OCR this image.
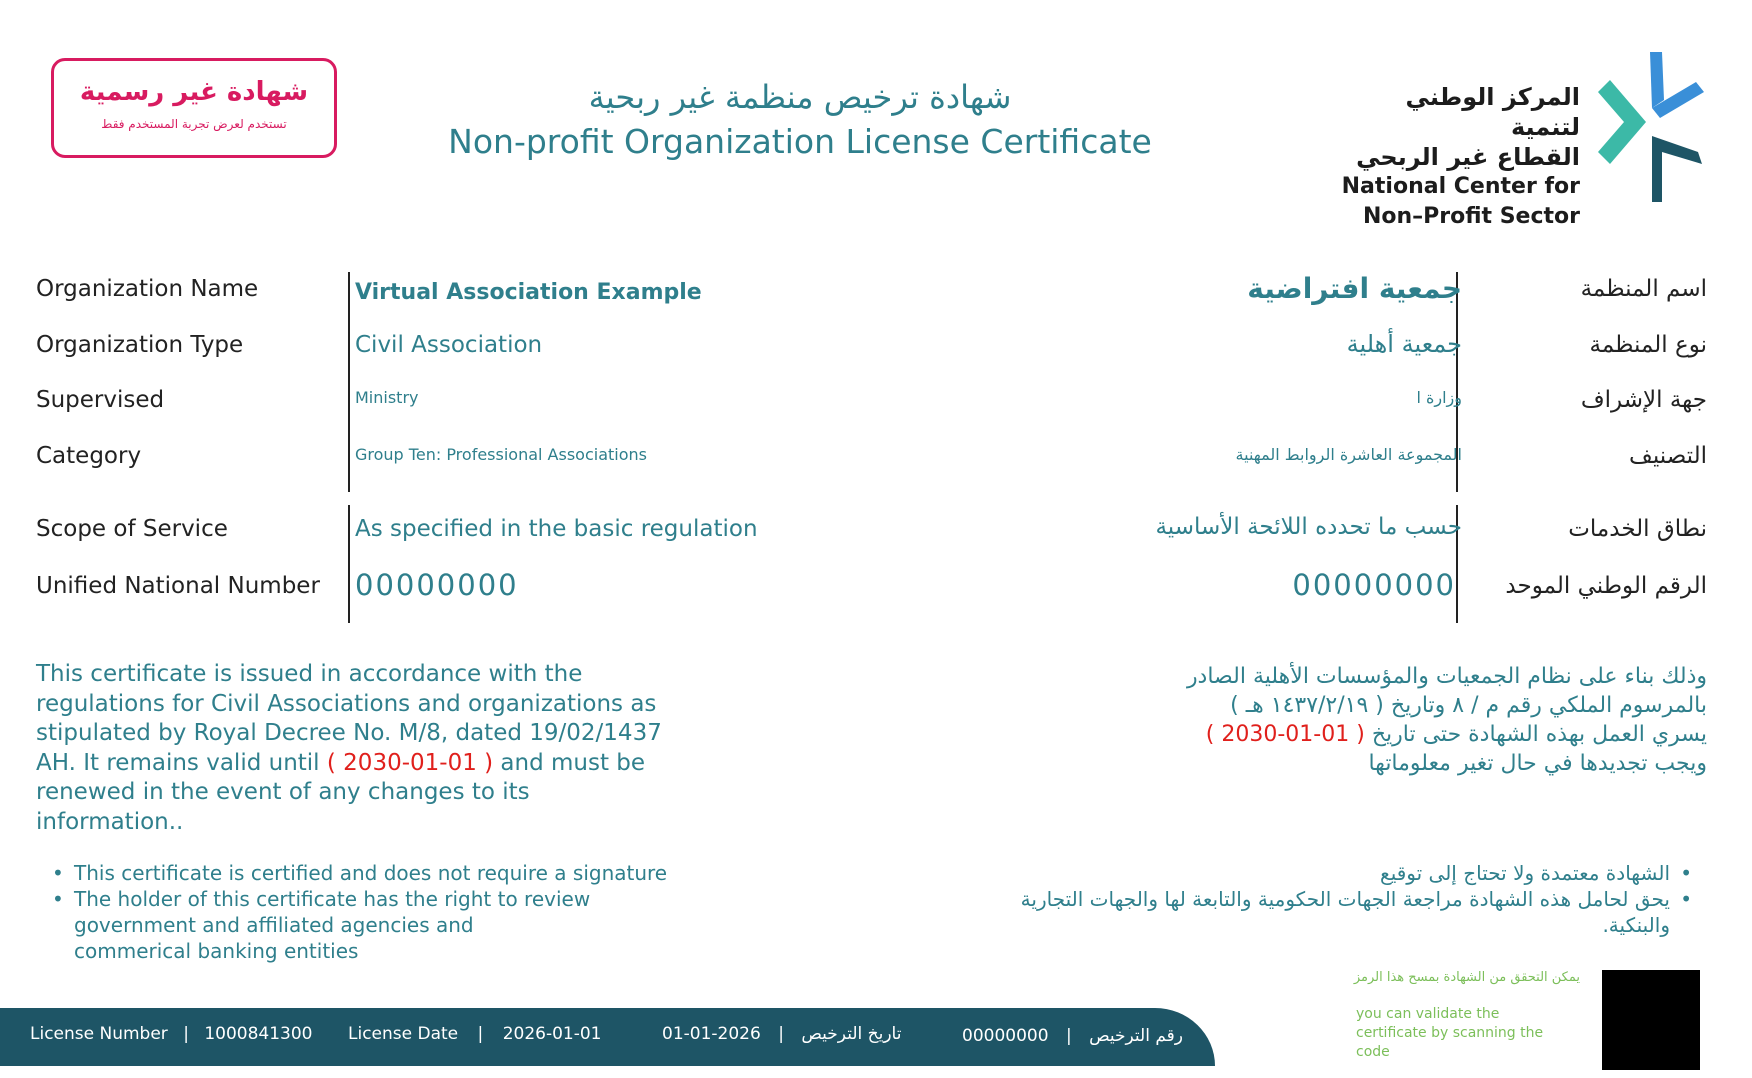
شهادة غير رسمية
تستخدم لعرض تجربة المستخدم فقط
شهادة ترخيص منظمة غير ربحية
Non-profit Organization License Certificate
المركز الوطني لتنمية
القطاع غير الربحي
National Center for
Non–Profit Sector
Organization Name	Virtual Association Example	جمعية افتراضية	اسم المنظمة
Organization Type	Civil Association	جمعية أهلية	نوع المنظمة
Supervised	Ministry	وزارة ا	جهة الإشراف
Category	Group Ten: Professional Associations	المجموعة العاشرة الروابط المهنية	التصنيف
Scope of Service	As specified in the basic regulation	حسب ما تحدده اللائحة الأساسية	نطاق الخدمات
Unified National Number 00000000	00000000 الرقم الوطني الموحد
This certificate is issued in accordance with the regulations for Civil Associations and organizations as stipulated by Royal Decree No. M/8, dated 19/02/1437 AH. It remains valid until ( 2030-01-01 ) and must be renewed in the event of any changes to its information..
وذلك بناء على نظام الجمعيات والمؤسسات الأهلية الصادر
بالمرسوم الملكي رقم م / ٨ وتاريخ ( ١٤٣٧/٢/١٩ هـ )
يسري العمل بهذه الشهادة حتى تاريخ ( 01-01-2030 )
ويجب تجديدها في حال تغير معلوماتها
• This certificate is certified and does not require a signature
• The holder of this certificate has the right to review government and affiliated agencies and commerical banking entities
• الشهادة معتمدة ولا تحتاج إلى توقيع
• يحق لحامل هذه الشهادة مراجعة الجهات الحكومية والتابعة لها والجهات التجارية والبنكية.
License Number | 1000841300 License Date | 2026-01-01	01-01-2026 | تاريخ الترخيص	00000000 | رقم الترخيص
يمكن التحقق من الشهادة بمسح هذا الرمز
you can validate the certificate by scanning the code
